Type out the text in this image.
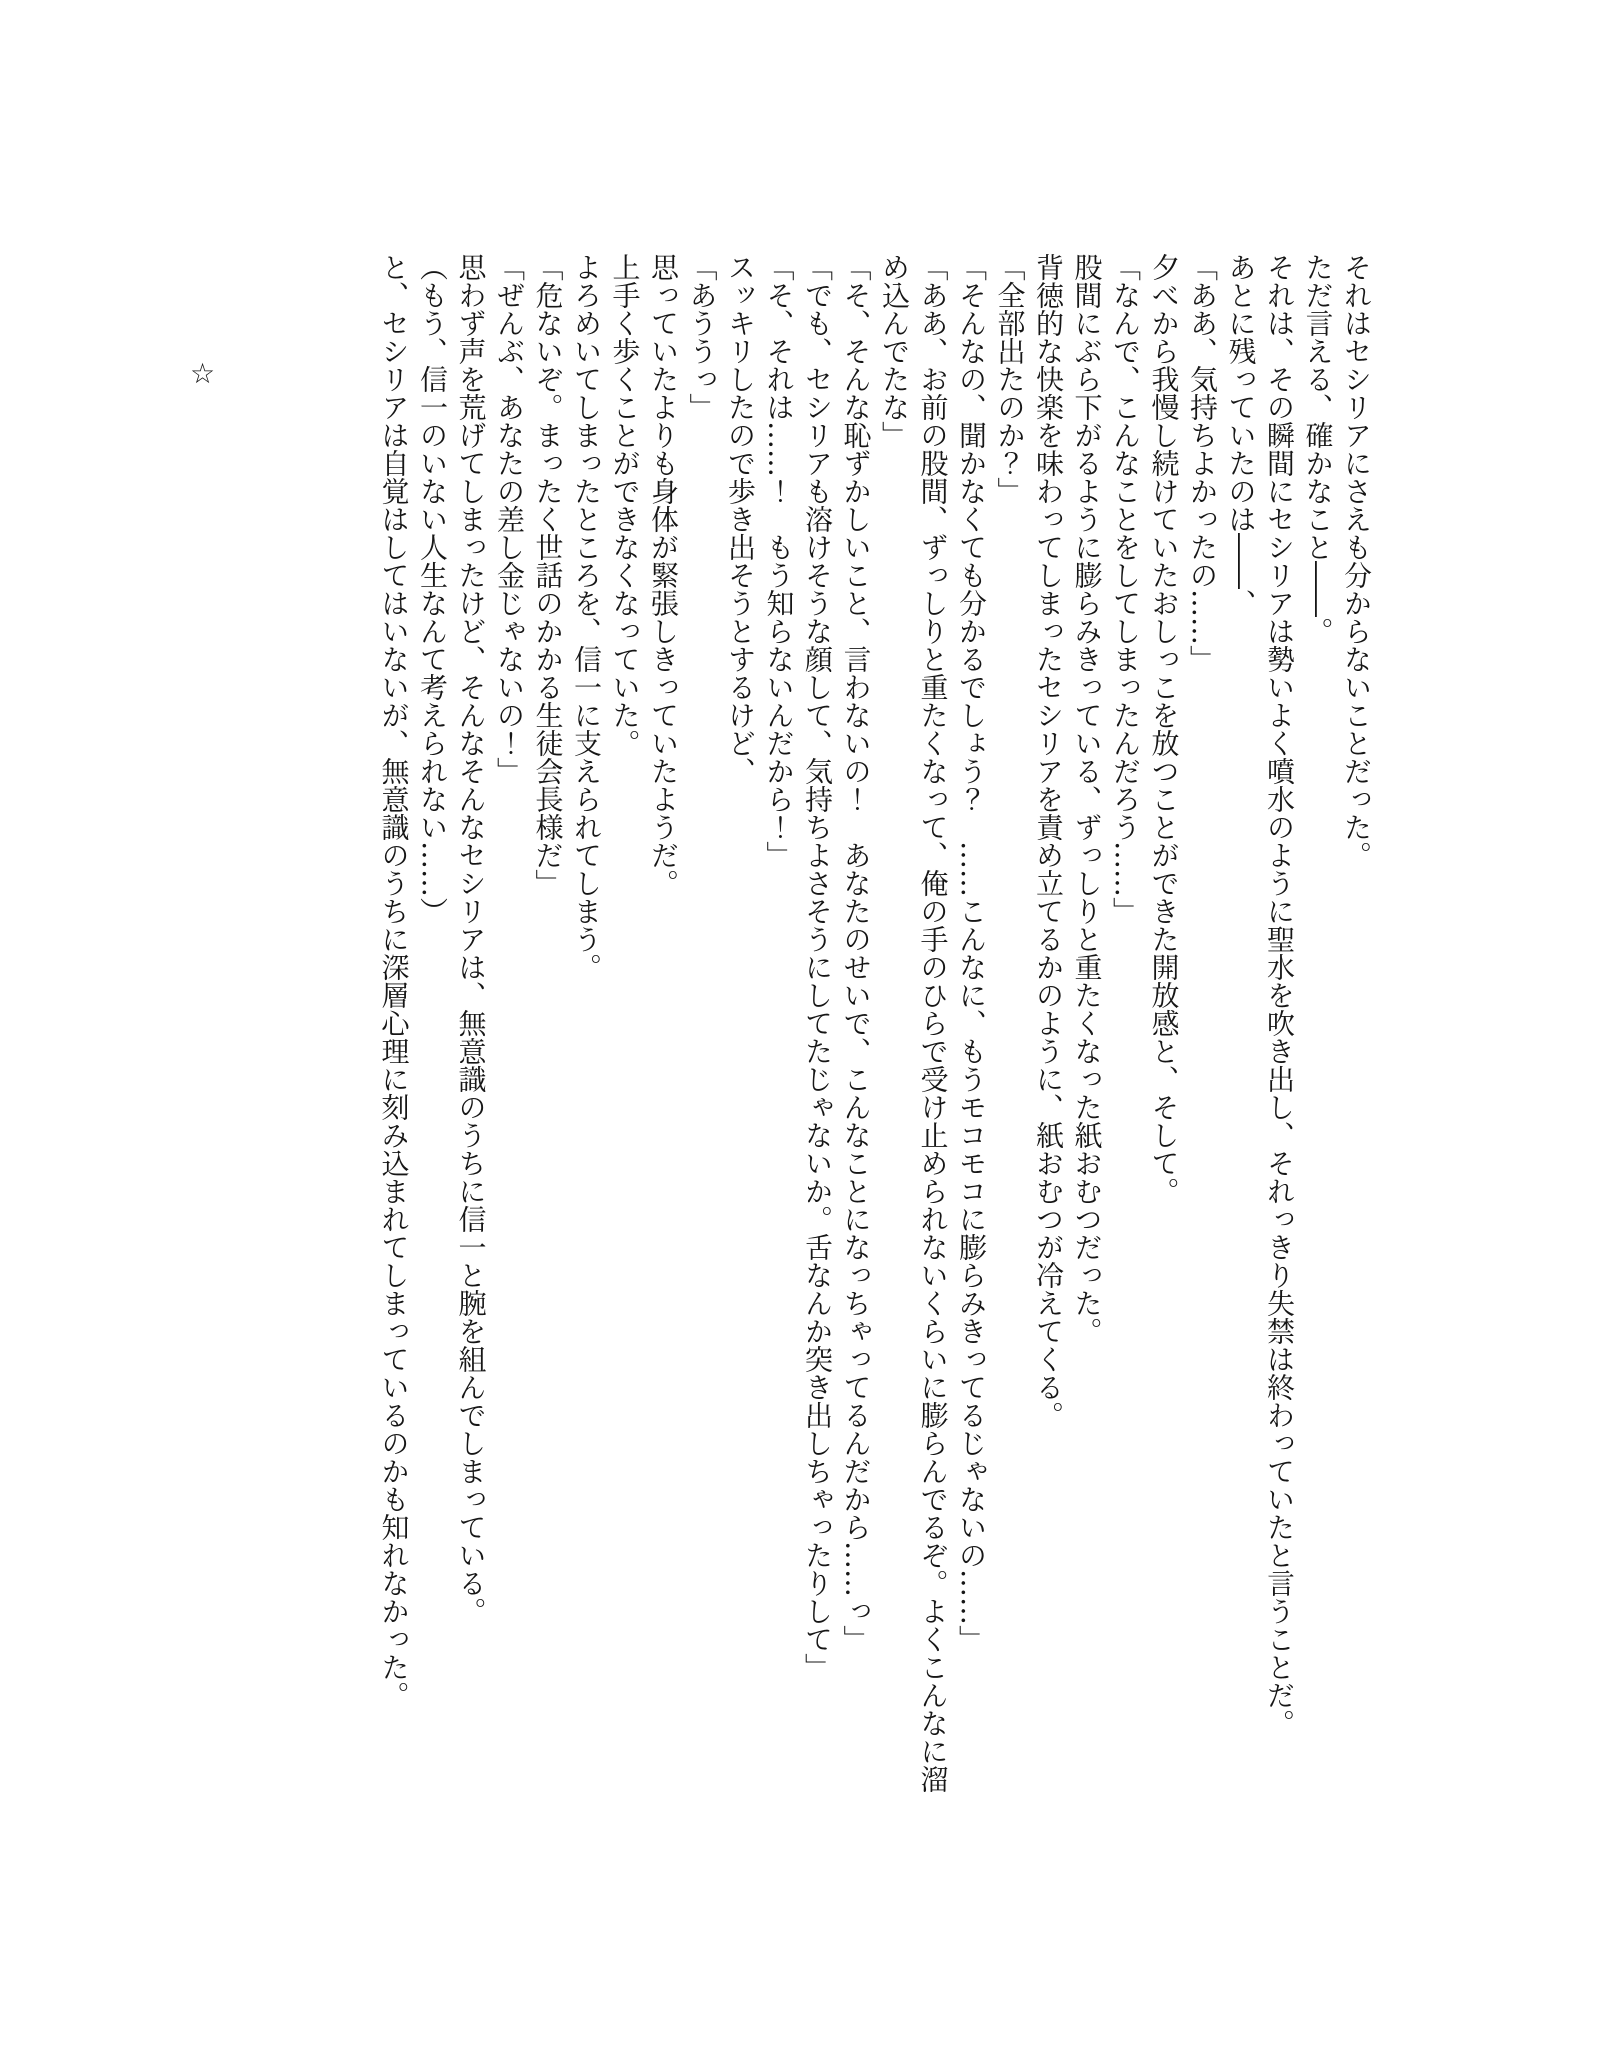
それはセシリアにさえも分からないことだった。

ただ言える、確かなこと――。

それは、その瞬間にセシリアは勢いよく噴水のように聖水を吹き出し、それっきり失禁は終わっていたと言うことだ。

あとに残っていたのは――、

「ああ、気持ちよかったの……」

夕べから我慢し続けていたおしっこを放つことができた開放感と、そして。

「なんで、こんなことをしてしまったんだろう……」

股間にぶら下がるように膨らみきっている、ずっしりと重たくなった紙おむつだった。

背徳的な快楽を味わってしまったセシリアを責め立てるかのように、紙おむつが冷えてくる。

「全部出たのか？」

「そんなの、聞かなくても分かるでしょう？　……こんなに、もうモコモコに膨らみきってるじゃないの……」

「ああ、お前の股間、ずっしりと重たくなって、俺の手のひらで受け止められないくらいに膨らんでるぞ。よくこんなに溜め込んでたな」

「そ、そんな恥ずかしいこと、言わないの！　あなたのせいで、こんなことになっちゃってるんだから……っ」

「でも、セシリアも溶けそうな顔して、気持ちよさそうにしてたじゃないか。舌なんか突き出しちゃったりして」

「そ、それは……！　もう知らないんだから！」

スッキリしたので歩き出そうとするけど、

「あううっ」

思っていたよりも身体が緊張しきっていたようだ。

上手く歩くことができなくなっていた。

よろめいてしまったところを、信一に支えられてしまう。

「危ないぞ。まったく世話のかかる生徒会長様だ」

「ぜんぶ、あなたの差し金じゃないの！」

思わず声を荒げてしまったけど、そんなそんなセシリアは、無意識のうちに信一と腕を組んでしまっている。

（もう、信一のいない人生なんて考えられない……）

と、セシリアは自覚はしてはいないが、無意識のうちに深層心理に刻み込まれてしまっているのかも知れなかった。

☆
